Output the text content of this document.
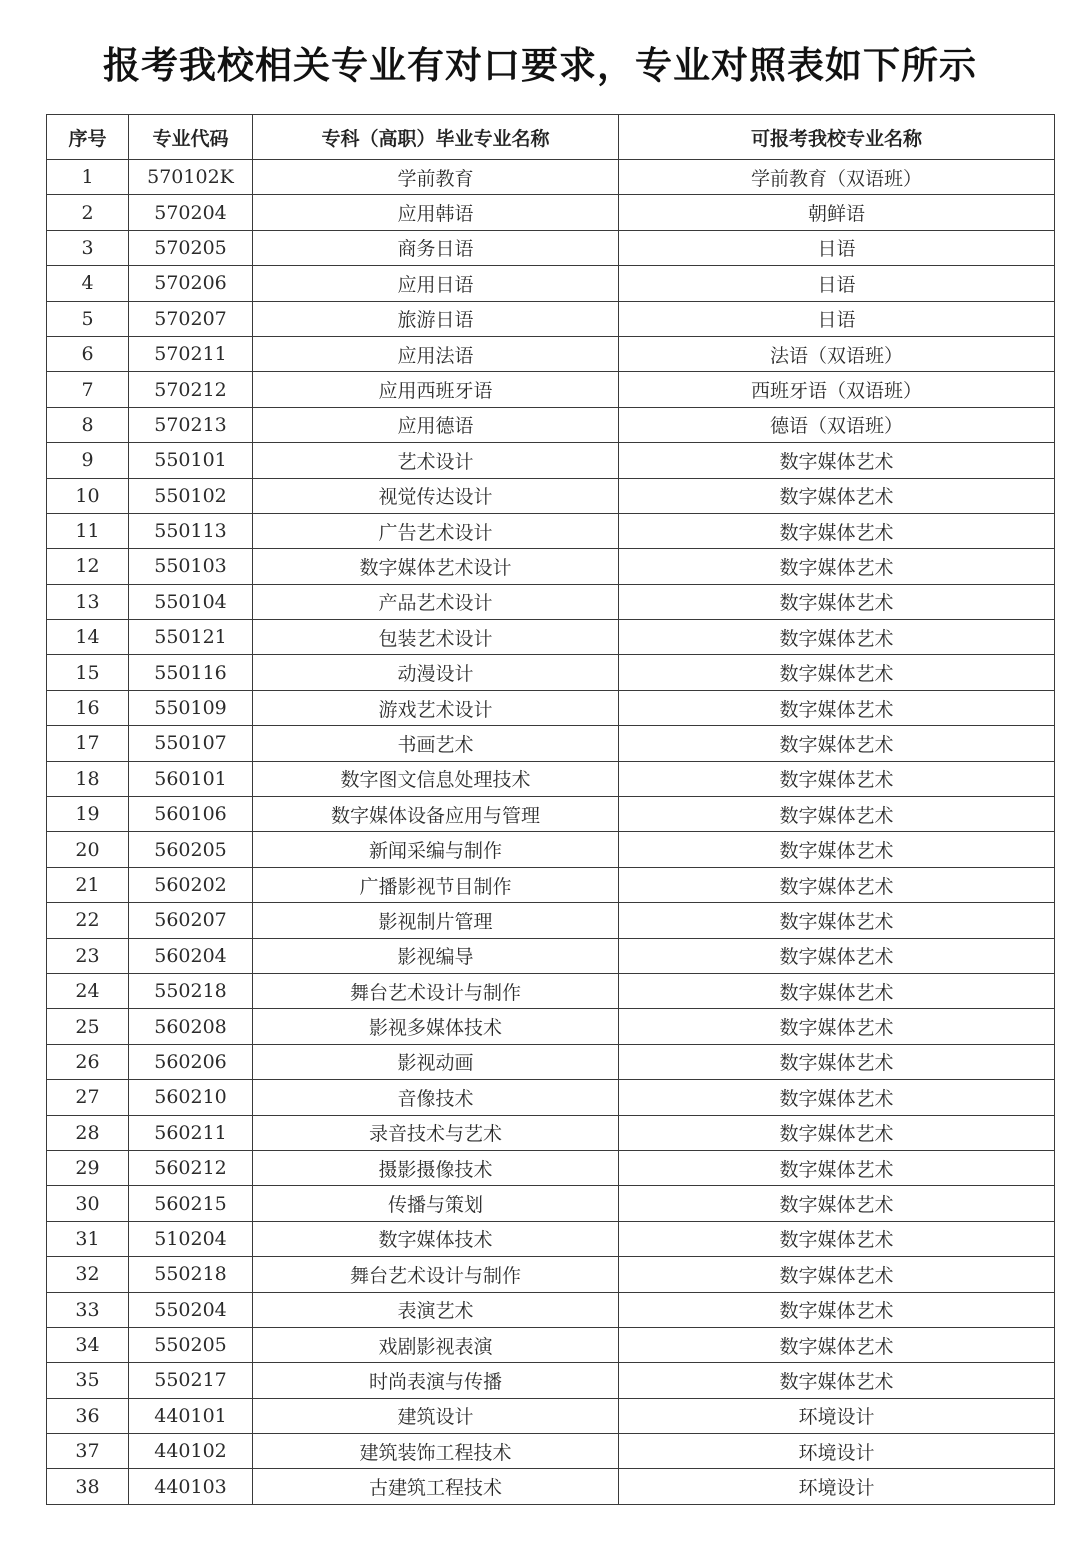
报考我校相关专业有对口要求，专业对照表如下所示
序号	专业代码	专科（高职）毕业专业名称	可报考我校专业名称
1	570102K	学前教育	学前教育（双语班）
2	570204	应用韩语	朝鲜语
3	570205	商务日语	日语
4	570206	应用日语	日语
5	570207	旅游日语	日语
6	570211	应用法语	法语（双语班）
7	570212	应用西班牙语	西班牙语（双语班）
8	570213	应用德语	德语（双语班）
9	550101	艺术设计	数字媒体艺术
10	550102	视觉传达设计	数字媒体艺术
11	550113	广告艺术设计	数字媒体艺术
12	550103	数字媒体艺术设计	数字媒体艺术
13	550104	产品艺术设计	数字媒体艺术
14	550121	包装艺术设计	数字媒体艺术
15	550116	动漫设计	数字媒体艺术
16	550109	游戏艺术设计	数字媒体艺术
17	550107	书画艺术	数字媒体艺术
18	560101	数字图文信息处理技术	数字媒体艺术
19	560106	数字媒体设备应用与管理	数字媒体艺术
20	560205	新闻采编与制作	数字媒体艺术
21	560202	广播影视节目制作	数字媒体艺术
22	560207	影视制片管理	数字媒体艺术
23	560204	影视编导	数字媒体艺术
24	550218	舞台艺术设计与制作	数字媒体艺术
25	560208	影视多媒体技术	数字媒体艺术
26	560206	影视动画	数字媒体艺术
27	560210	音像技术	数字媒体艺术
28	560211	录音技术与艺术	数字媒体艺术
29	560212	摄影摄像技术	数字媒体艺术
30	560215	传播与策划	数字媒体艺术
31	510204	数字媒体技术	数字媒体艺术
32	550218	舞台艺术设计与制作	数字媒体艺术
33	550204	表演艺术	数字媒体艺术
34	550205	戏剧影视表演	数字媒体艺术
35	550217	时尚表演与传播	数字媒体艺术
36	440101	建筑设计	环境设计
37	440102	建筑装饰工程技术	环境设计
38	440103	古建筑工程技术	环境设计
